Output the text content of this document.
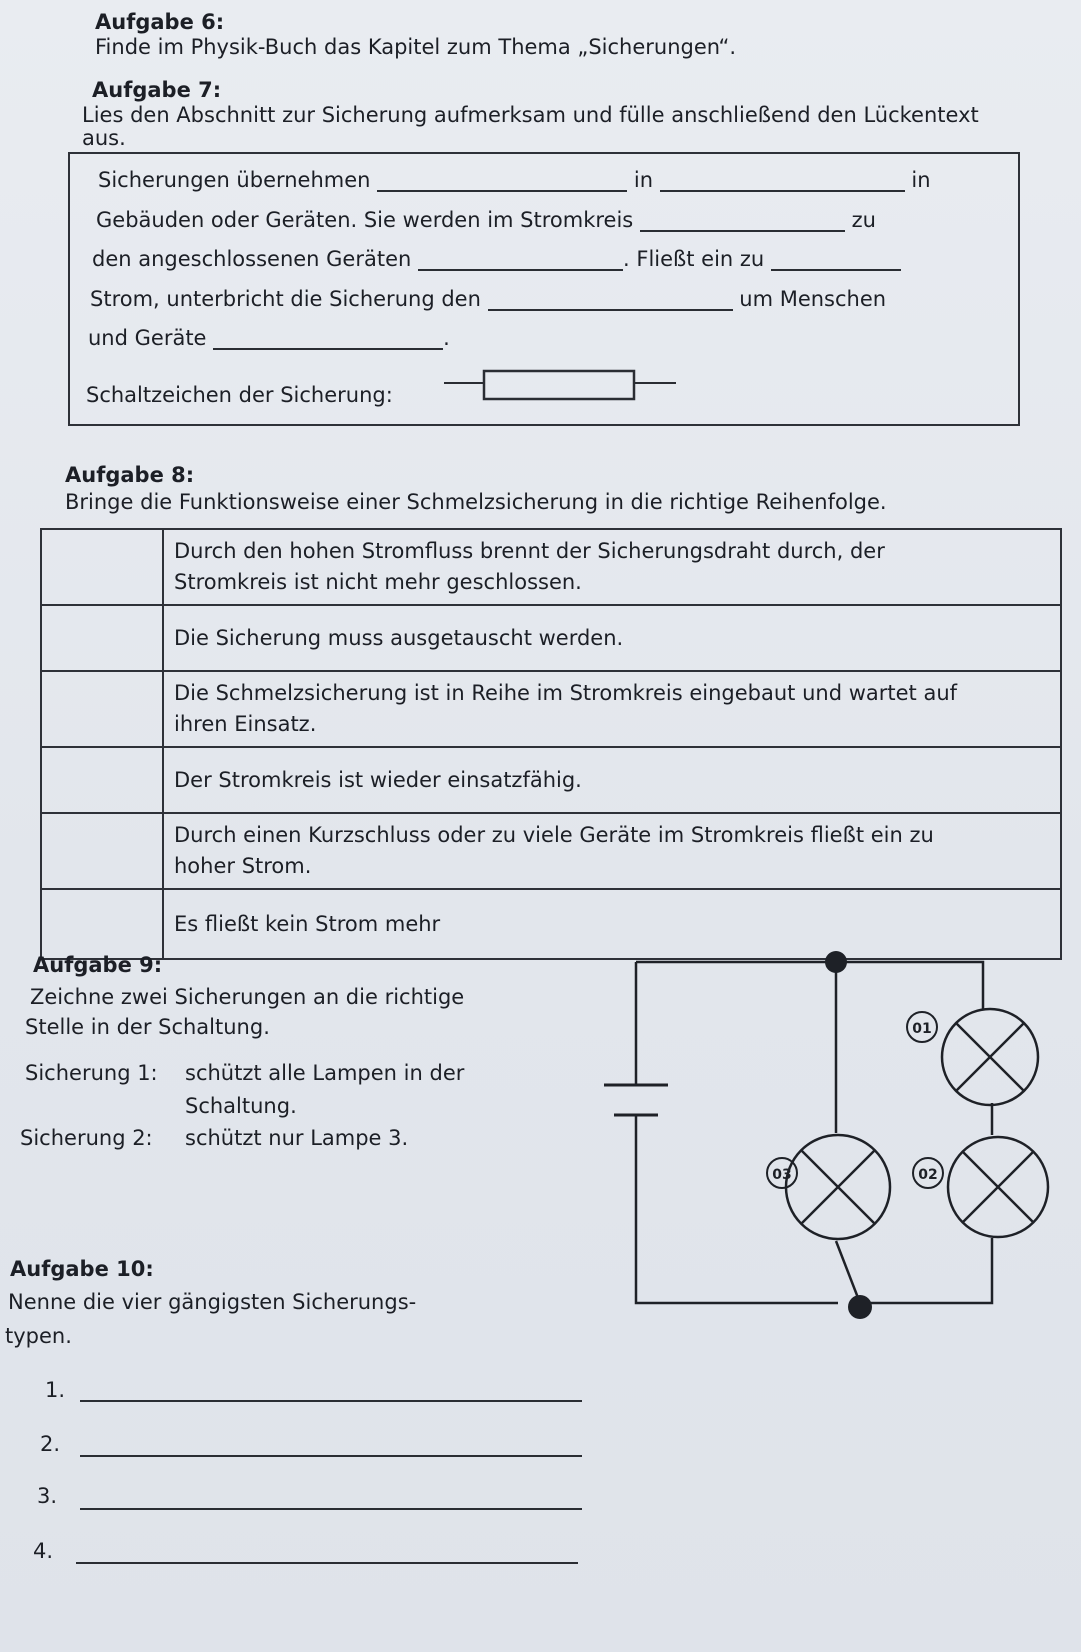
Aufgabe 6:
Finde im Physik-Buch das Kapitel zum Thema „Sicherungen“.
Aufgabe 7:
Lies den Abschnitt zur Sicherung aufmerksam und fülle anschließend den Lückentext
aus.
Sicherungen übernehmen	in	in
Gebäuden oder Geräten. Sie werden im Stromkreis	zu
den angeschlossenen Geräten	. Fließt ein zu
Strom, unterbricht die Sicherung den	um Menschen
und Geräte	.
Schaltzeichen der Sicherung:
Aufgabe 8:
Bringe die Funktionsweise einer Schmelzsicherung in die richtige Reihenfolge.
	Durch den hohen Stromfluss brennt der Sicherungsdraht durch, der
Stromkreis ist nicht mehr geschlossen.
	Die Sicherung muss ausgetauscht werden.
	Die Schmelzsicherung ist in Reihe im Stromkreis eingebaut und wartet auf
ihren Einsatz.
	Der Stromkreis ist wieder einsatzfähig.
	Durch einen Kurzschluss oder zu viele Geräte im Stromkreis fließt ein zu
hoher Strom.
	Es fließt kein Strom mehr
Aufgabe 9:
Zeichne zwei Sicherungen an die richtige
Stelle in der Schaltung.
Sicherung 1: schützt alle Lampen in der
Schaltung.
Sicherung 2: schützt nur Lampe 3.
01
02
03
Aufgabe 10:
Nenne die vier gängigsten Sicherungs-
typen.
1.
2.
3.
4.
